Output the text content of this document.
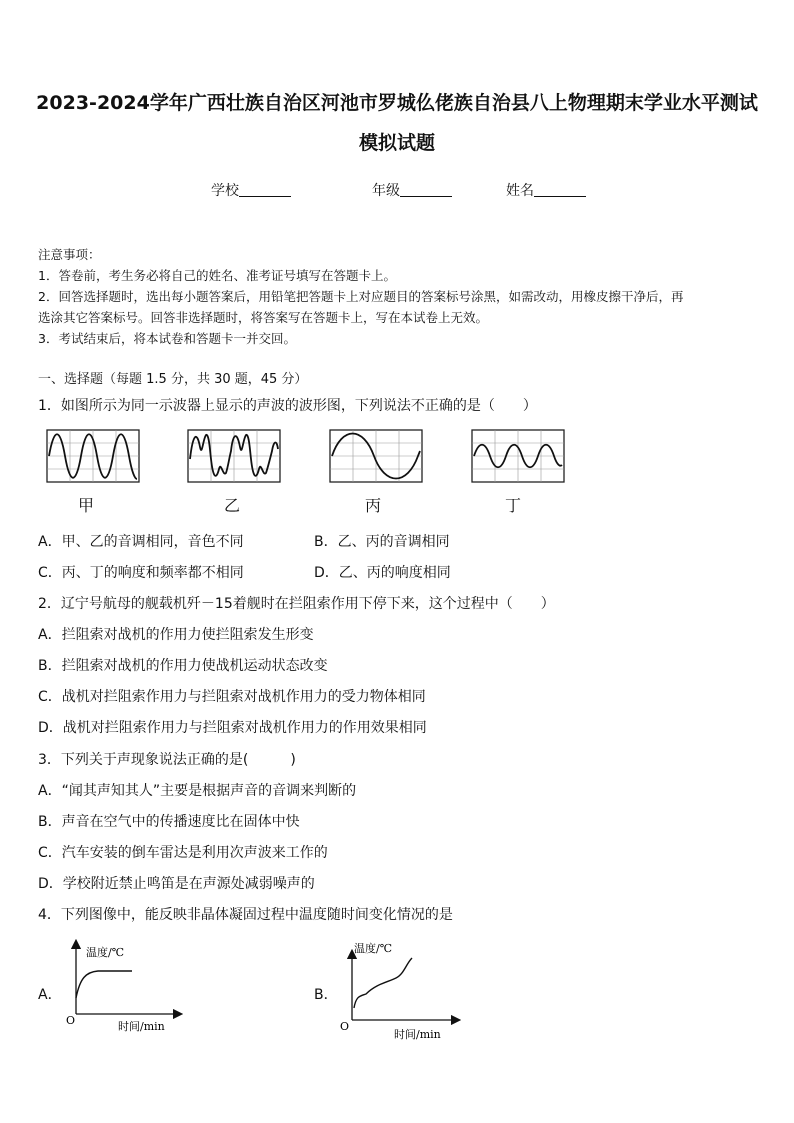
2023-2024学年广西壮族自治区河池市罗城仫佬族自治县八上物理期末学业水平测试
模拟试题
学校	年级	姓名
注意事项：
1．答卷前，考生务必将自己的姓名、准考证号填写在答题卡上。
2．回答选择题时，选出每小题答案后，用铅笔把答题卡上对应题目的答案标号涂黑，如需改动，用橡皮擦干净后，再
选涂其它答案标号。回答非选择题时，将答案写在答题卡上，写在本试卷上无效。
3．考试结束后，将本试卷和答题卡一并交回。
一、选择题（每题 1.5 分，共 30 题，45 分）
1．如图所示为同一示波器上显示的声波的波形图，下列说法不正确的是（　　）
甲	乙	丙	丁
A．甲、乙的音调相同，音色不同	B．乙、丙的音调相同
C．丙、丁的响度和频率都不相同	D．乙、丙的响度相同
2．辽宁号航母的舰载机歼－15着舰时在拦阻索作用下停下来，这个过程中（　　）
A．拦阻索对战机的作用力使拦阻索发生形变
B．拦阻索对战机的作用力使战机运动状态改变
C．战机对拦阻索作用力与拦阻索对战机作用力的受力物体相同
D．战机对拦阻索作用力与拦阻索对战机作用力的作用效果相同
3．下列关于声现象说法正确的是(　　　)
A．“闻其声知其人”主要是根据声音的音调来判断的
B．声音在空气中的传播速度比在固体中快
C．汽车安装的倒车雷达是利用次声波来工作的
D．学校附近禁止鸣笛是在声源处减弱噪声的
4．下列图像中，能反映非晶体凝固过程中温度随时间变化情况的是
A．
温度/℃
时间/min
O
B．
温度/℃
时间/min
O
